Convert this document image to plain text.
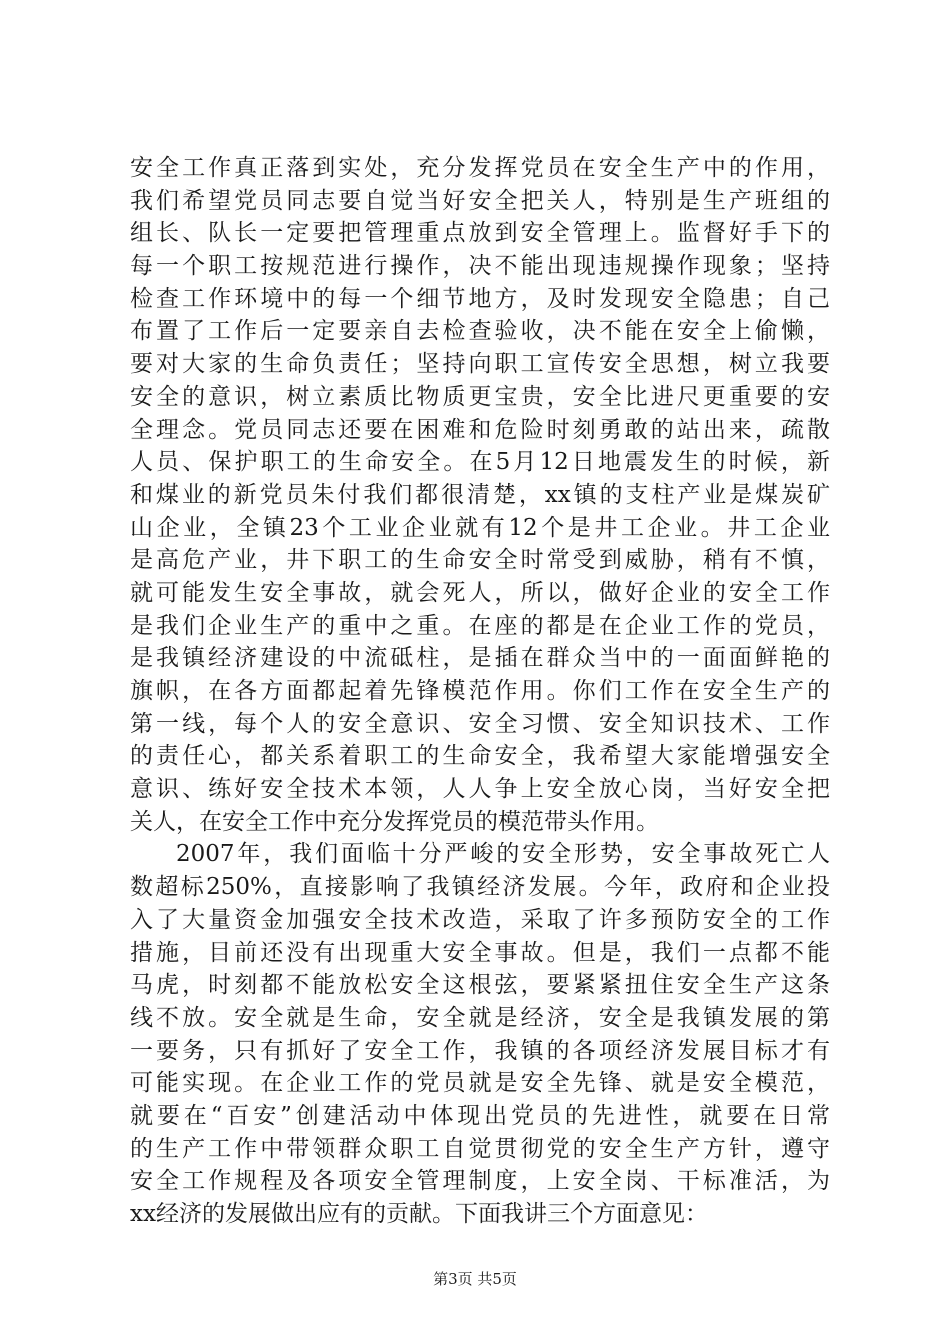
安全工作真正落到实处，充分发挥党员在安全生产中的作用，
我们希望党员同志要自觉当好安全把关人，特别是生产班组的
组长、队长一定要把管理重点放到安全管理上。监督好手下的
每一个职工按规范进行操作，决不能出现违规操作现象；坚持
检查工作环境中的每一个细节地方，及时发现安全隐患；自己
布置了工作后一定要亲自去检查验收，决不能在安全上偷懒，
要对大家的生命负责任；坚持向职工宣传安全思想，树立我要
安全的意识，树立素质比物质更宝贵，安全比进尺更重要的安
全理念。党员同志还要在困难和危险时刻勇敢的站出来，疏散
人员、保护职工的生命安全。在5月12日地震发生的时候，新
和煤业的新党员朱付我们都很清楚，xx镇的支柱产业是煤炭矿
山企业，全镇23个工业企业就有12个是井工企业。井工企业
是高危产业，井下职工的生命安全时常受到威胁，稍有不慎，
就可能发生安全事故，就会死人，所以，做好企业的安全工作
是我们企业生产的重中之重。在座的都是在企业工作的党员，
是我镇经济建设的中流砥柱，是插在群众当中的一面面鲜艳的
旗帜，在各方面都起着先锋模范作用。你们工作在安全生产的
第一线，每个人的安全意识、安全习惯、安全知识技术、工作
的责任心，都关系着职工的生命安全，我希望大家能增强安全
意识、练好安全技术本领，人人争上安全放心岗，当好安全把
关人，在安全工作中充分发挥党员的模范带头作用。
2007年，我们面临十分严峻的安全形势，安全事故死亡人
数超标250%，直接影响了我镇经济发展。今年，政府和企业投
入了大量资金加强安全技术改造，采取了许多预防安全的工作
措施，目前还没有出现重大安全事故。但是，我们一点都不能
马虎，时刻都不能放松安全这根弦，要紧紧扭住安全生产这条
线不放。安全就是生命，安全就是经济，安全是我镇发展的第
一要务，只有抓好了安全工作，我镇的各项经济发展目标才有
可能实现。在企业工作的党员就是安全先锋、就是安全模范，
就要在“百安”创建活动中体现出党员的先进性，就要在日常
的生产工作中带领群众职工自觉贯彻党的安全生产方针，遵守
安全工作规程及各项安全管理制度，上安全岗、干标准活，为
xx经济的发展做出应有的贡献。下面我讲三个方面意见：
第3页 共5页
